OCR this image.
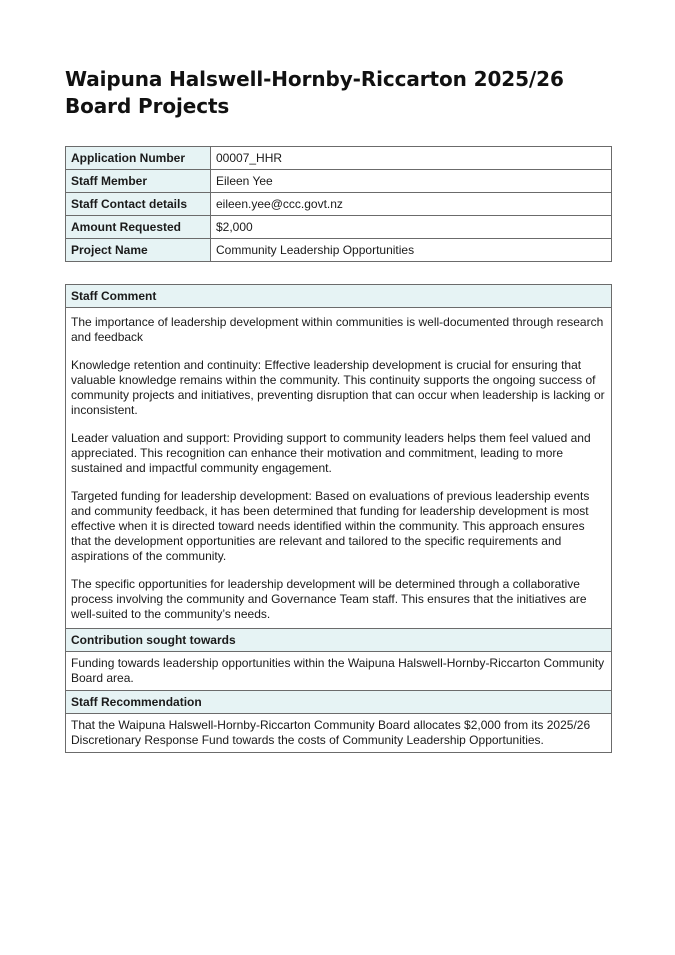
Waipuna Halswell-Hornby-Riccarton 2025/26 Board Projects
Application Number	00007_HHR
Staff Member	Eileen Yee
Staff Contact details	eileen.yee@ccc.govt.nz
Amount Requested	$2,000
Project Name	Community Leadership Opportunities
Staff Comment

The importance of leadership development within communities is well-documented through research and feedback

Knowledge retention and continuity: Effective leadership development is crucial for ensuring that valuable knowledge remains within the community. This continuity supports the ongoing success of community projects and initiatives, preventing disruption that can occur when leadership is lacking or inconsistent.

Leader valuation and support: Providing support to community leaders helps them feel valued and appreciated. This recognition can enhance their motivation and commitment, leading to more sustained and impactful community engagement.

Targeted funding for leadership development: Based on evaluations of previous leadership events and community feedback, it has been determined that funding for leadership development is most effective when it is directed toward needs identified within the community. This approach ensures that the development opportunities are relevant and tailored to the specific requirements and aspirations of the community.

The specific opportunities for leadership development will be determined through a collaborative process involving the community and Governance Team staff. This ensures that the initiatives are well-suited to the community’s needs.

Contribution sought towards
Funding towards leadership opportunities within the Waipuna Halswell-Hornby-Riccarton Community Board area.
Staff Recommendation
That the Waipuna Halswell-Hornby-Riccarton Community Board allocates $2,000 from its 2025/26 Discretionary Response Fund towards the costs of Community Leadership Opportunities.
